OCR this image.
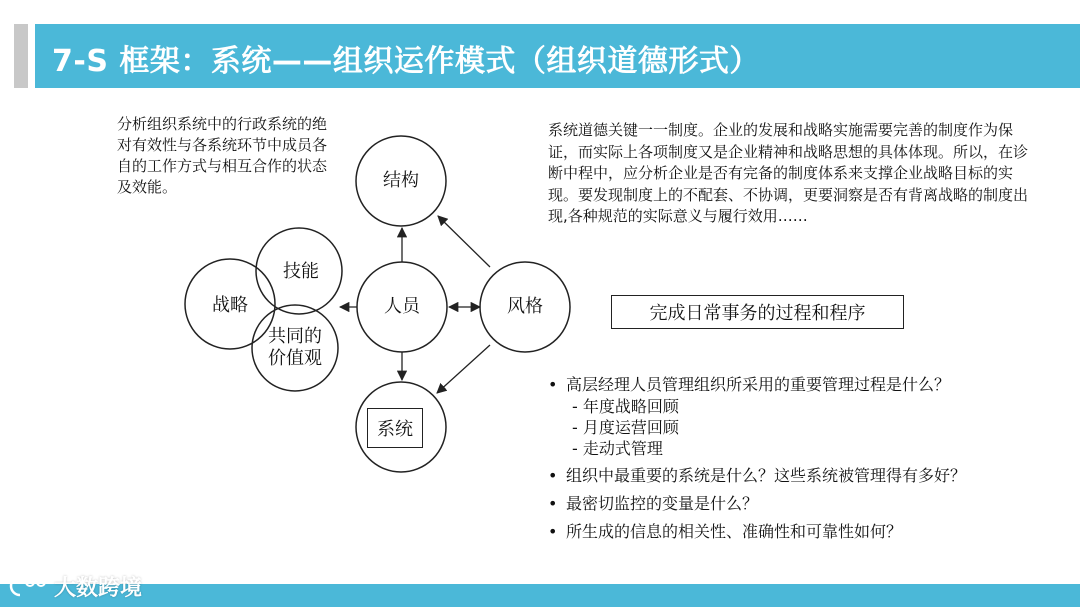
7-S 框架：系统——组织运作模式（组织道德形式）
分析组织系统中的行政系统的绝对有效性与各系统环节中成员各自的工作方式与相互合作的状态及效能。
系统道德关键一一制度。企业的发展和战略实施需要完善的制度作为保证，而实际上各项制度又是企业精神和战略思想的具体体现。所以，在诊断中程中，应分析企业是否有完备的制度体系来支撑企业战略目标的实现。要发现制度上的不配套、不协调，更要洞察是否有背离战略的制度出现,各种规范的实际意义与履行效用……
结构
技能
战略	人员	风格
共同的
价值观
系统
完成日常事务的过程和程序
• 高层经理人员管理组织所采用的重要管理过程是什么？
- 年度战略回顾
- 月度运营回顾
- 走动式管理
• 组织中最重要的系统是什么？这些系统被管理得有多好？
• 最密切监控的变量是什么？
• 所生成的信息的相关性、准确性和可靠性如何？
大数跨境
